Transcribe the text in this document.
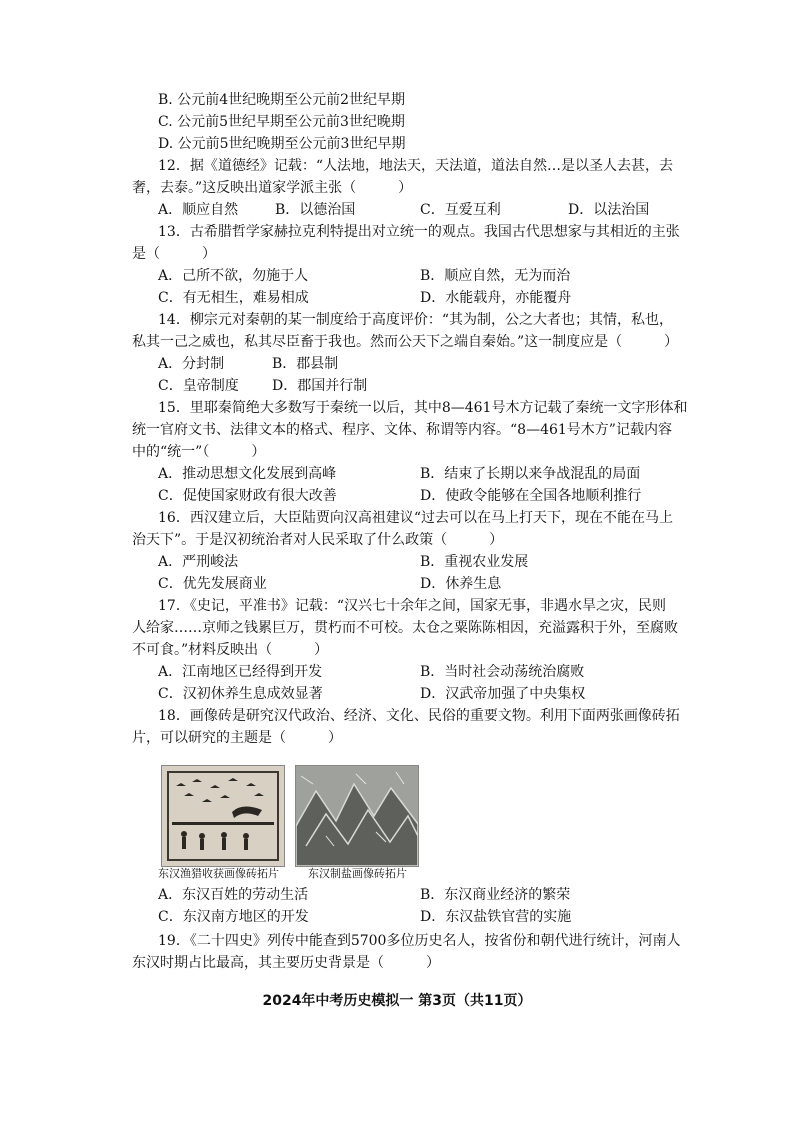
B. 公元前4世纪晚期至公元前2世纪早期
C. 公元前5世纪早期至公元前3世纪晚期
D. 公元前5世纪晚期至公元前3世纪早期
12．据《道德经》记载：“人法地，地法天，天法道，道法自然…是以圣人去甚，去
奢，去泰。”这反映出道家学派主张（　　　）
A．顺应自然	B．以德治国	C．互爱互利	D．以法治国
13．古希腊哲学家赫拉克利特提出对立统一的观点。我国古代思想家与其相近的主张
是（　　　）
A．己所不欲，勿施于人	B．顺应自然，无为而治
C．有无相生，难易相成	D．水能载舟，亦能覆舟
14．柳宗元对秦朝的某一制度给于高度评价：“其为制，公之大者也；其情，私也，
私其一己之威也，私其尽臣畜于我也。然而公天下之端自秦始。”这一制度应是（　　　）
A．分封制	B．郡县制
C．皇帝制度 D．郡国并行制
15．里耶秦简绝大多数写于秦统一以后，其中8—461号木方记载了秦统一文字形体和
统一官府文书、法律文本的格式、程序、文体、称谓等内容。“8—461号木方”记载内容
中的“统一”（　　　）
A．推动思想文化发展到高峰	B．结束了长期以来争战混乱的局面
C．促使国家财政有很大改善	D．使政令能够在全国各地顺利推行
16．西汉建立后，大臣陆贾向汉高祖建议“过去可以在马上打天下，现在不能在马上
治天下”。于是汉初统治者对人民采取了什么政策（　　　）
A．严刑峻法	B．重视农业发展
C．优先发展商业	D．休养生息
17．《史记，平准书》记载：“汉兴七十余年之间，国家无事，非遇水旱之灾，民则
人给家……京师之钱累巨万，贯朽而不可校。太仓之粟陈陈相因，充溢露积于外，至腐败
不可食。”材料反映出（　　　）
A．江南地区已经得到开发	B．当时社会动荡统治腐败
C．汉初休养生息成效显著	D．汉武帝加强了中央集权
18．画像砖是研究汉代政治、经济、文化、民俗的重要文物。利用下面两张画像砖拓
片，可以研究的主题是（　　　）
东汉渔猎收获画像砖拓片	东汉制盐画像砖拓片
A．东汉百姓的劳动生活	B．东汉商业经济的繁荣
C．东汉南方地区的开发	D．东汉盐铁官营的实施
19．《二十四史》列传中能查到5700多位历史名人，按省份和朝代进行统计，河南人
东汉时期占比最高，其主要历史背景是（　　　）
2024年中考历史模拟一 第3页（共11页）
